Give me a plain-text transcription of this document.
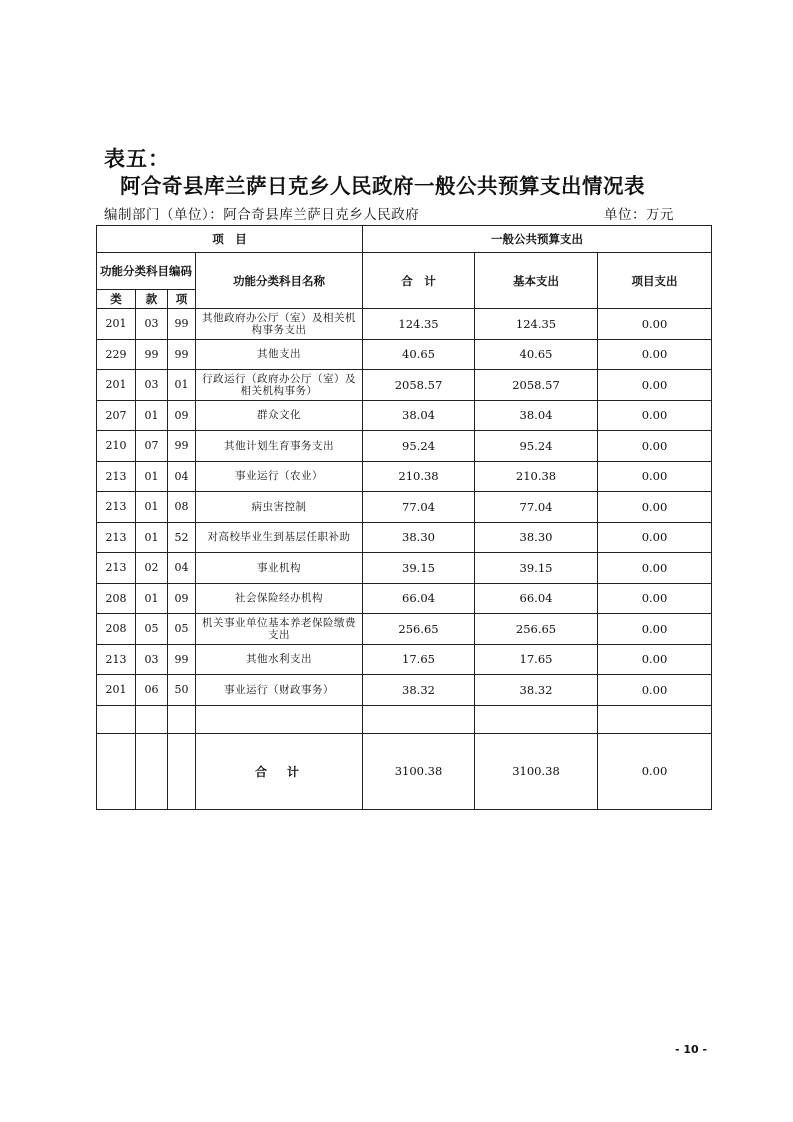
表五：
阿合奇县库兰萨日克乡人民政府一般公共预算支出情况表
编制部门（单位）：阿合奇县库兰萨日克乡人民政府	单位：万元
项　目				一般公共预算支出		
功能分类科目编码			功能分类科目名称	合　计	基本支出	项目支出
类	款	项				
201	03	99	其他政府办公厅（室）及相关机构事务支出	124.35	124.35	0.00
229	99	99	其他支出	40.65	40.65	0.00
201	03	01	行政运行（政府办公厅（室）及相关机构事务）	2058.57	2058.57	0.00
207	01	09	群众文化	38.04	38.04	0.00
210	07	99	其他计划生育事务支出	95.24	95.24	0.00
213	01	04	事业运行（农业）	210.38	210.38	0.00
213	01	08	病虫害控制	77.04	77.04	0.00
213	01	52	对高校毕业生到基层任职补助	38.30	38.30	0.00
213	02	04	事业机构	39.15	39.15	0.00
208	01	09	社会保险经办机构	66.04	66.04	0.00
208	05	05	机关事业单位基本养老保险缴费支出	256.65	256.65	0.00
213	03	99	其他水利支出	17.65	17.65	0.00
201	06	50	事业运行（财政事务）	38.32	38.32	0.00

			合　计	3100.38	3100.38	0.00
- 10 -
